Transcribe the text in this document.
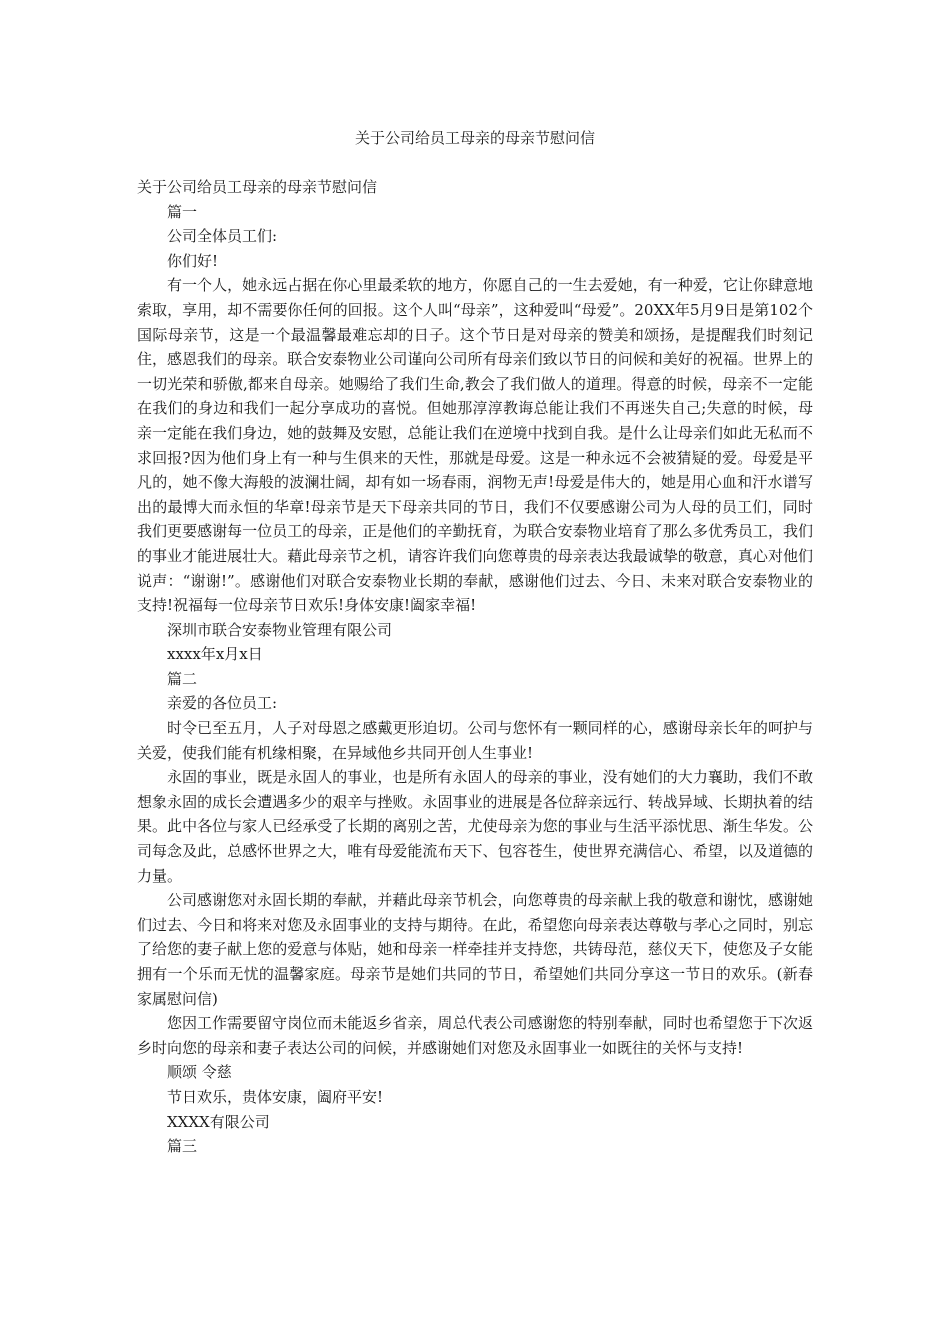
关于公司给员工母亲的母亲节慰问信

关于公司给员工母亲的母亲节慰问信

篇一

公司全体员工们:

你们好!

有一个人，她永远占据在你心里最柔软的地方，你愿自己的一生去爱她，有一种爱，它让你肆意地索取，享用，却不需要你任何的回报。这个人叫“母亲”，这种爱叫“母爱”。20XX年5月9日是第102个国际母亲节，这是一个最温馨最难忘却的日子。这个节日是对母亲的赞美和颂扬，是提醒我们时刻记住，感恩我们的母亲。联合安泰物业公司谨向公司所有母亲们致以节日的问候和美好的祝福。世界上的一切光荣和骄傲,都来自母亲。她赐给了我们生命,教会了我们做人的道理。得意的时候，母亲不一定能在我们的身边和我们一起分享成功的喜悦。但她那淳淳教诲总能让我们不再迷失自己;失意的时候，母亲一定能在我们身边，她的鼓舞及安慰，总能让我们在逆境中找到自我。是什么让母亲们如此无私而不求回报?因为他们身上有一种与生俱来的天性，那就是母爱。这是一种永远不会被猜疑的爱。母爱是平凡的，她不像大海般的波澜壮阔，却有如一场春雨，润物无声!母爱是伟大的，她是用心血和汗水谱写出的最博大而永恒的华章!母亲节是天下母亲共同的节日，我们不仅要感谢公司为人母的员工们，同时我们更要感谢每一位员工的母亲，正是他们的辛勤抚育，为联合安泰物业培育了那么多优秀员工，我们的事业才能进展壮大。藉此母亲节之机，请容许我们向您尊贵的母亲表达我最诚挚的敬意，真心对他们说声：“谢谢!”。感谢他们对联合安泰物业长期的奉献，感谢他们过去、今日、未来对联合安泰物业的支持!祝福每一位母亲节日欢乐!身体安康!阖家幸福!

深圳市联合安泰物业管理有限公司

xxxx年x月x日

篇二

亲爱的各位员工:

时令已至五月，人子对母恩之感戴更形迫切。公司与您怀有一颗同样的心，感谢母亲长年的呵护与关爱，使我们能有机缘相聚，在异域他乡共同开创人生事业!

永固的事业，既是永固人的事业，也是所有永固人的母亲的事业，没有她们的大力襄助，我们不敢想象永固的成长会遭遇多少的艰辛与挫败。永固事业的进展是各位辞亲远行、转战异域、长期执着的结果。此中各位与家人已经承受了长期的离别之苦，尤使母亲为您的事业与生活平添忧思、渐生华发。公司每念及此，总感怀世界之大，唯有母爱能流布天下、包容苍生，使世界充满信心、希望，以及道德的力量。

公司感谢您对永固长期的奉献，并藉此母亲节机会，向您尊贵的母亲献上我的敬意和谢忱，感谢她们过去、今日和将来对您及永固事业的支持与期待。在此，希望您向母亲表达尊敬与孝心之同时，别忘了给您的妻子献上您的爱意与体贴，她和母亲一样牵挂并支持您，共铸母范，慈仪天下，使您及子女能拥有一个乐而无忧的温馨家庭。母亲节是她们共同的节日，希望她们共同分享这一节日的欢乐。(新春家属慰问信)

您因工作需要留守岗位而未能返乡省亲，周总代表公司感谢您的特别奉献，同时也希望您于下次返乡时向您的母亲和妻子表达公司的问候，并感谢她们对您及永固事业一如既往的关怀与支持!

顺颂 令慈

节日欢乐，贵体安康，阖府平安!

XXXX有限公司

篇三
